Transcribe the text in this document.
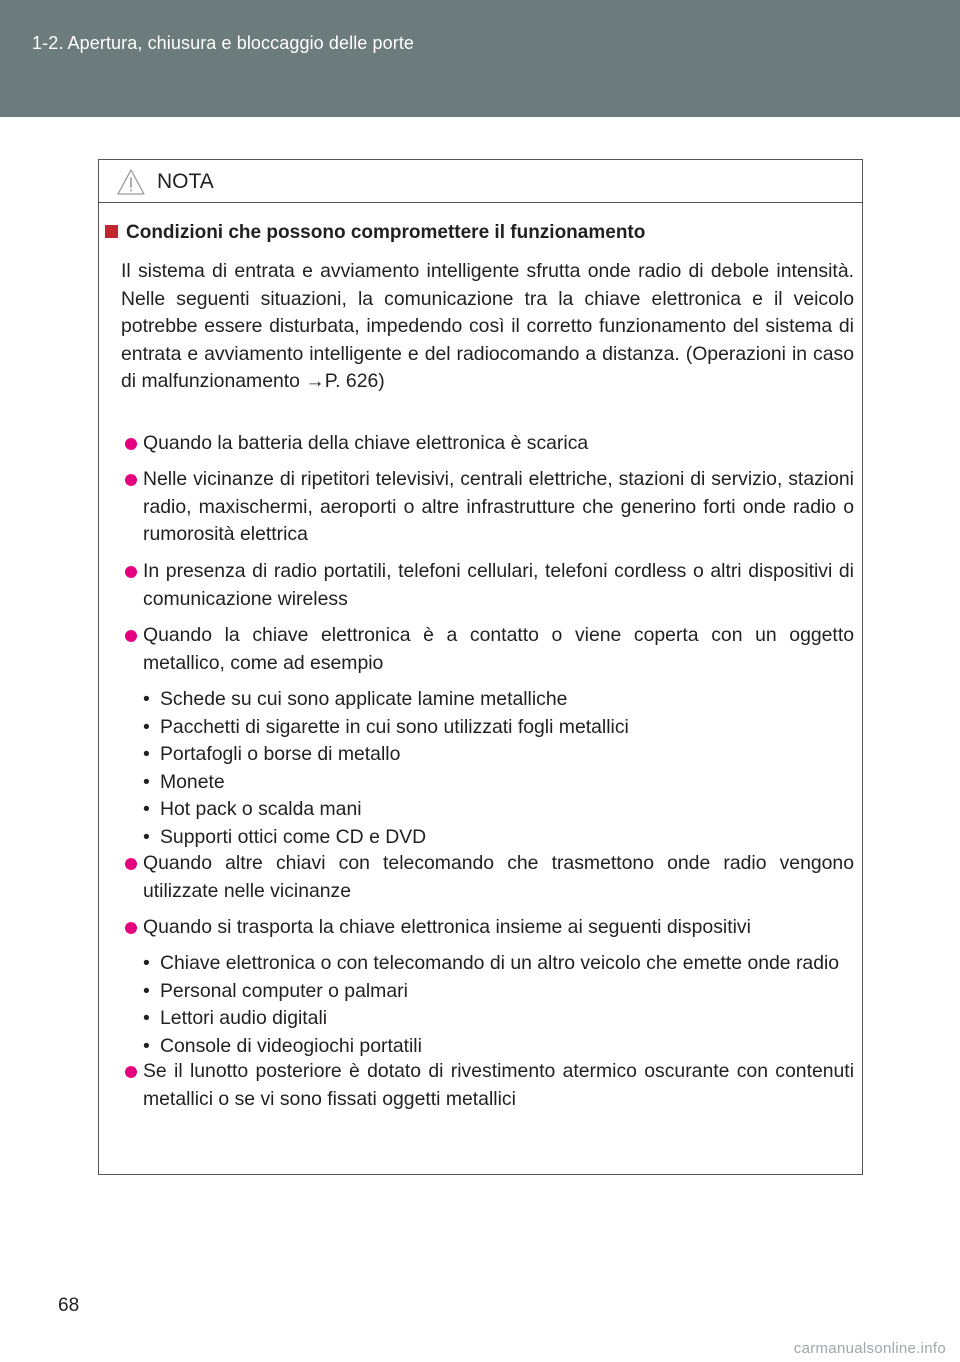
1-2. Apertura, chiusura e bloccaggio delle porte
NOTA
Condizioni che possono compromettere il funzionamento
Il sistema di entrata e avviamento intelligente sfrutta onde radio di debole intensità. Nelle seguenti situazioni, la comunicazione tra la chiave elettronica e il veicolo potrebbe essere disturbata, impedendo così il corretto funzionamento del sistema di entrata e avviamento intelligente e del radiocomando a distanza. (Operazioni in caso di malfunzionamento →P. 626)
Quando la batteria della chiave elettronica è scarica
Nelle vicinanze di ripetitori televisivi, centrali elettriche, stazioni di servizio, stazioni radio, maxischermi, aeroporti o altre infrastrutture che generino forti onde radio o rumorosità elettrica
In presenza di radio portatili, telefoni cellulari, telefoni cordless o altri dispositivi di comunicazione wireless
Quando la chiave elettronica è a contatto o viene coperta con un oggetto metallico, come ad esempio
• Schede su cui sono applicate lamine metalliche
• Pacchetti di sigarette in cui sono utilizzati fogli metallici
• Portafogli o borse di metallo
• Monete
• Hot pack o scalda mani
• Supporti ottici come CD e DVD
Quando altre chiavi con telecomando che trasmettono onde radio vengono utilizzate nelle vicinanze
Quando si trasporta la chiave elettronica insieme ai seguenti dispositivi
• Chiave elettronica o con telecomando di un altro veicolo che emette onde radio
• Personal computer o palmari
• Lettori audio digitali
• Console di videogiochi portatili
Se il lunotto posteriore è dotato di rivestimento atermico oscurante con contenuti metallici o se vi sono fissati oggetti metallici
68
carmanualsonline.info
